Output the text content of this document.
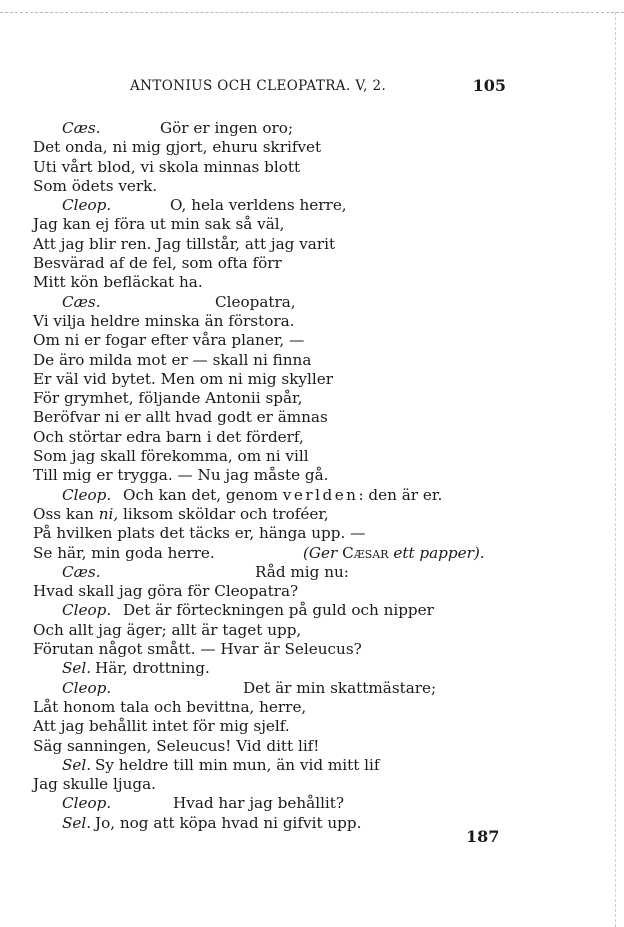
ANTONIUS OCH CLEOPATRA. V, 2.	105
Cæs.	Gör er ingen oro;
Det onda, ni mig gjort, ehuru skrifvet
Uti vårt blod, vi skola minnas blott
Som ödets verk.
Cleop.	O, hela verldens herre,
Jag kan ej föra ut min sak så väl,
Att jag blir ren. Jag tillstår, att jag varit
Besvärad af de fel, som ofta förr
Mitt kön befläckat ha.
Cæs.	Cleopatra,
Vi vilja heldre minska än förstora.
Om ni er fogar efter våra planer, —
De äro milda mot er — skall ni finna
Er väl vid bytet. Men om ni mig skyller
För grymhet, följande Antonii spår,
Beröfvar ni er allt hvad godt er ämnas
Och störtar edra barn i det förderf,
Som jag skall förekomma, om ni vill
Till mig er trygga. — Nu jag måste gå.
Cleop. Och kan det, genom verlden: den är er.
Oss kan ni, liksom sköldar och troféer,
På hvilken plats det täcks er, hänga upp. —
Se här, min goda herre.	(Ger Cæsar ett papper).
Cæs.	Råd mig nu:
Hvad skall jag göra för Cleopatra?
Cleop. Det är förteckningen på guld och nipper
Och allt jag äger; allt är taget upp,
Förutan något smått. — Hvar är Seleucus?
Sel. Här, drottning.
Cleop.	Det är min skattmästare;
Låt honom tala och bevittna, herre,
Att jag behållit intet för mig sjelf.
Säg sanningen, Seleucus! Vid ditt lif!
Sel. Sy heldre till min mun, än vid mitt lif
Jag skulle ljuga.
Cleop.	Hvad har jag behållit?
Sel. Jo, nog att köpa hvad ni gifvit upp.
187
